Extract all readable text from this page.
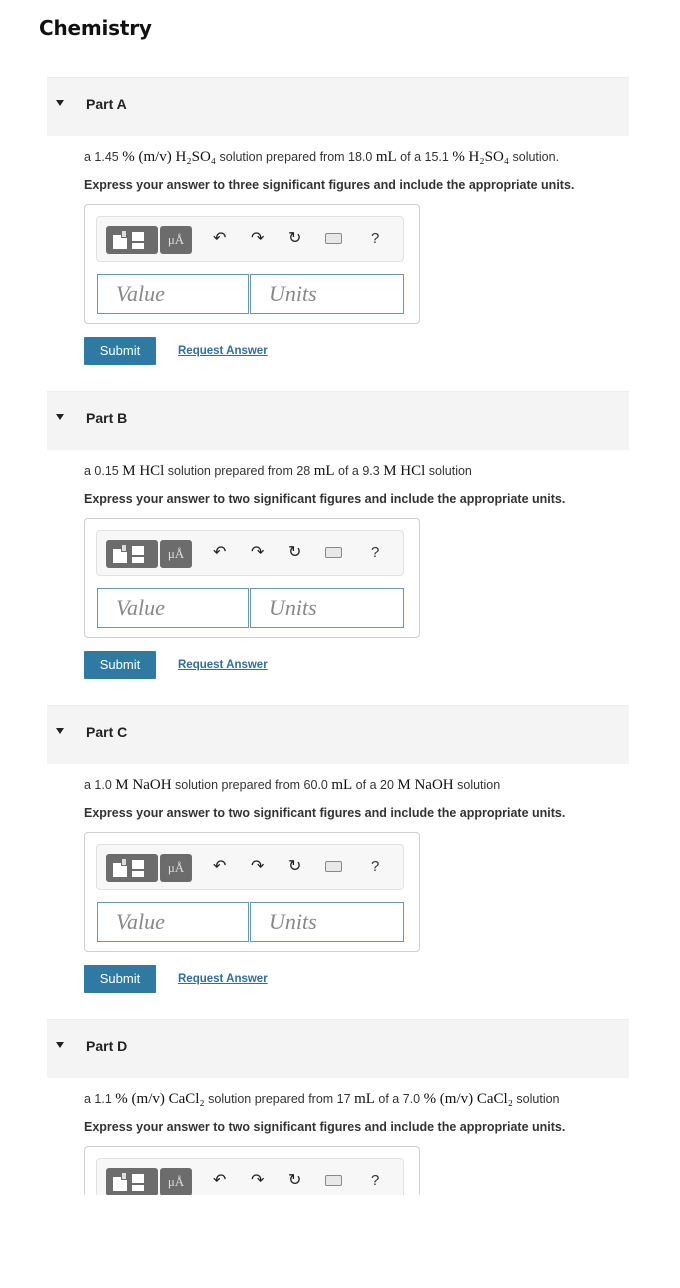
Chemistry
Part A
a 1.45 % (m/v) H₂SO₄ solution prepared from 18.0 mL of a 15.1 % H₂SO₄ solution.
Express your answer to three significant figures and include the appropriate units.
μÅ	↶ ↷ ↻	?
Value	Units
Submit	Request Answer
Part B
a 0.15 M HCl solution prepared from 28 mL of a 9.3 M HCl solution
Express your answer to two significant figures and include the appropriate units.
μÅ	↶ ↷ ↻	?
Value	Units
Submit	Request Answer
Part C
a 1.0 M NaOH solution prepared from 60.0 mL of a 20 M NaOH solution
Express your answer to two significant figures and include the appropriate units.
μÅ	↶ ↷ ↻	?
Value	Units
Submit	Request Answer
Part D
a 1.1 % (m/v) CaCl₂ solution prepared from 17 mL of a 7.0 % (m/v) CaCl₂ solution
Express your answer to two significant figures and include the appropriate units.
μÅ	↶ ↷ ↻	?
